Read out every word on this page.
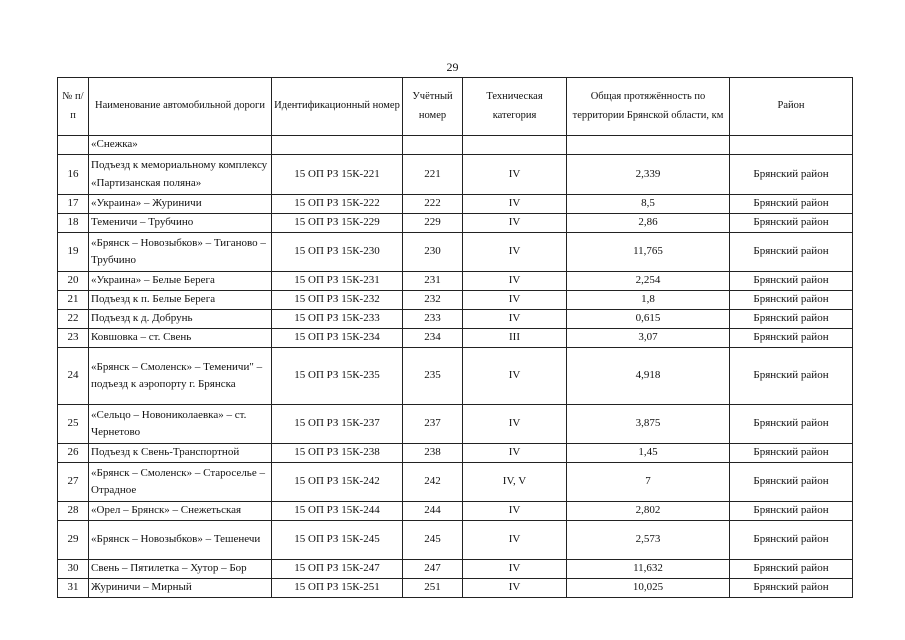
29
№ п/п	Наименование автомобильной дороги	Идентификационный номер	Учётный номер	Техническая категория	Общая протяжённость по территории Брянской области, км	Район
	«Снежка»					
16	Подъезд к мемориальному комплексу «Партизанская поляна»	15 ОП РЗ 15К-221	221	IV	2,339	Брянский район
17	«Украина» – Журиничи	15 ОП РЗ 15К-222	222	IV	8,5	Брянский район
18	Теменичи – Трубчино	15 ОП РЗ 15К-229	229	IV	2,86	Брянский район
19	«Брянск – Новозыбков» – Тиганово – Трубчино	15 ОП РЗ 15К-230	230	IV	11,765	Брянский район
20	«Украина» – Белые Берега	15 ОП РЗ 15К-231	231	IV	2,254	Брянский район
21	Подъезд к п. Белые Берега	15 ОП РЗ 15К-232	232	IV	1,8	Брянский район
22	Подъезд к д. Добрунь	15 ОП РЗ 15К-233	233	IV	0,615	Брянский район
23	Ковшовка – ст. Свень	15 ОП РЗ 15К-234	234	III	3,07	Брянский район
24	«Брянск – Смоленск» – Теменичи" – подъезд к аэропорту г. Брянска	15 ОП РЗ 15К-235	235	IV	4,918	Брянский район
25	«Сельцо – Новониколаевка» – ст. Чернетово	15 ОП РЗ 15К-237	237	IV	3,875	Брянский район
26	Подъезд к Свень-Транспортной	15 ОП РЗ 15К-238	238	IV	1,45	Брянский район
27	«Брянск – Смоленск» – Староселье – Отрадное	15 ОП РЗ 15К-242	242	IV, V	7	Брянский район
28	«Орел – Брянск» – Снежетьская	15 ОП РЗ 15К-244	244	IV	2,802	Брянский район
29	«Брянск – Новозыбков» – Тешенечи	15 ОП РЗ 15К-245	245	IV	2,573	Брянский район
30	Свень – Пятилетка – Хутор – Бор	15 ОП РЗ 15К-247	247	IV	11,632	Брянский район
31	Журиничи – Мирный	15 ОП РЗ 15К-251	251	IV	10,025	Брянский район
